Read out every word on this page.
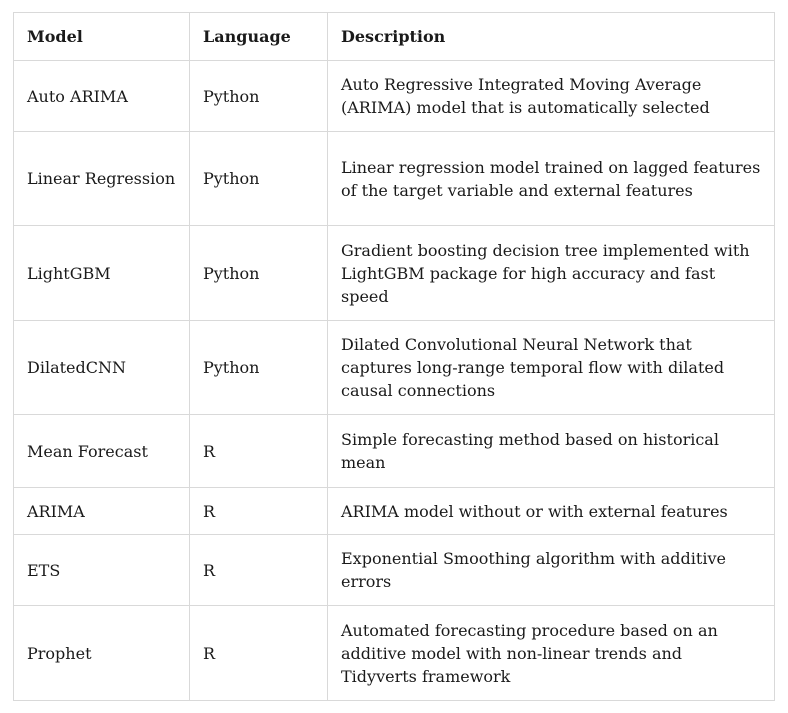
Model	Language	Description
Auto ARIMA	Python	Auto Regressive Integrated Moving Average (ARIMA) model that is automatically selected
Linear Regression	Python	Linear regression model trained on lagged features of the target variable and external features
LightGBM	Python	Gradient boosting decision tree implemented with LightGBM package for high accuracy and fast speed
DilatedCNN	Python	Dilated Convolutional Neural Network that captures long-range temporal flow with dilated causal connections
Mean Forecast	R	Simple forecasting method based on historical mean
ARIMA	R	ARIMA model without or with external features
ETS	R	Exponential Smoothing algorithm with additive errors
Prophet	R	Automated forecasting procedure based on an additive model with non-linear trends and Tidyverts framework
